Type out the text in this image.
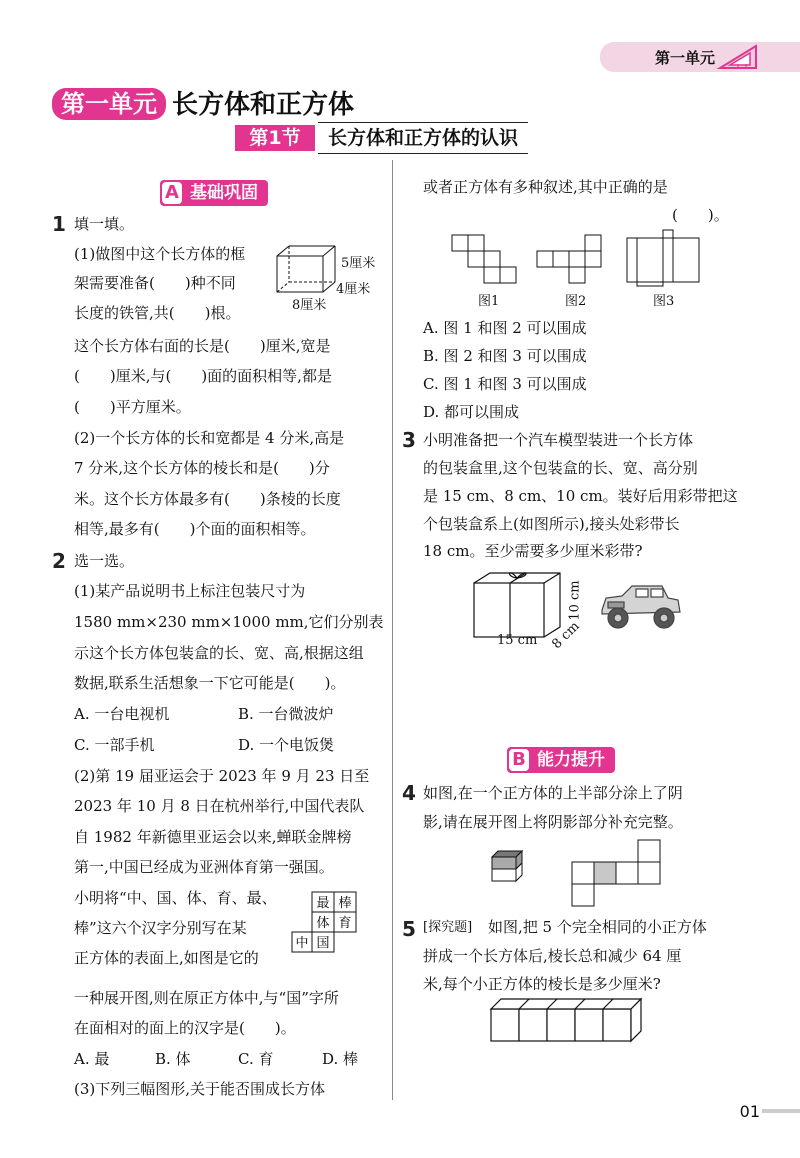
第一单元
第一单元 长方体和正方体
第1节	长方体和正方体的认识
A 基础巩固
1 填一填。
(1)做图中这个长方体的框
架需要准备(　　)种不同
长度的铁管,共(　　)根。
这个长方体右面的长是(　　)厘米,宽是
(　　)厘米,与(　　)面的面积相等,都是
(　　)平方厘米。
(2)一个长方体的长和宽都是 4 分米,高是
7 分米,这个长方体的棱长和是(　　)分
米。这个长方体最多有(　　)条棱的长度
相等,最多有(　　)个面的面积相等。
5厘米
4厘米
8厘米
2 选一选。
(1)某产品说明书上标注包装尺寸为
1580 mm×230 mm×1000 mm,它们分别表
示这个长方体包装盒的长、宽、高,根据这组
数据,联系生活想象一下它可能是(　　)。
A. 一台电视机	B. 一台微波炉
C. 一部手机	D. 一个电饭煲
(2)第 19 届亚运会于 2023 年 9 月 23 日至
2023 年 10 月 8 日在杭州举行,中国代表队
自 1982 年新德里亚运会以来,蝉联金牌榜
第一,中国已经成为亚洲体育第一强国。
小明将“中、国、体、育、最、
棒”这六个汉字分别写在某
正方体的表面上,如图是它的
一种展开图,则在原正方体中,与“国”字所
在面相对的面上的汉字是(　　)。
最 棒
体 育
中 国
A. 最	B. 体	C. 育	D. 棒
(3)下列三幅图形,关于能否围成长方体
或者正方体有多种叙述,其中正确的是
(　　)。
图1	图2	图3
A. 图 1 和图 2 可以围成
B. 图 2 和图 3 可以围成
C. 图 1 和图 3 可以围成
D. 都可以围成
3 小明准备把一个汽车模型装进一个长方体
的包装盒里,这个包装盒的长、宽、高分别
是 15 cm、8 cm、10 cm。装好后用彩带把这
个包装盒系上(如图所示),接头处彩带长
18 cm。至少需要多少厘米彩带?
15 cm 8 cm
10 cm
B 能力提升
4 如图,在一个正方体的上半部分涂上了阴
影,请在展开图上将阴影部分补充完整。
5 [探究题] 如图,把 5 个完全相同的小正方体
拼成一个长方体后,棱长总和减少 64 厘
米,每个小正方体的棱长是多少厘米?
01
